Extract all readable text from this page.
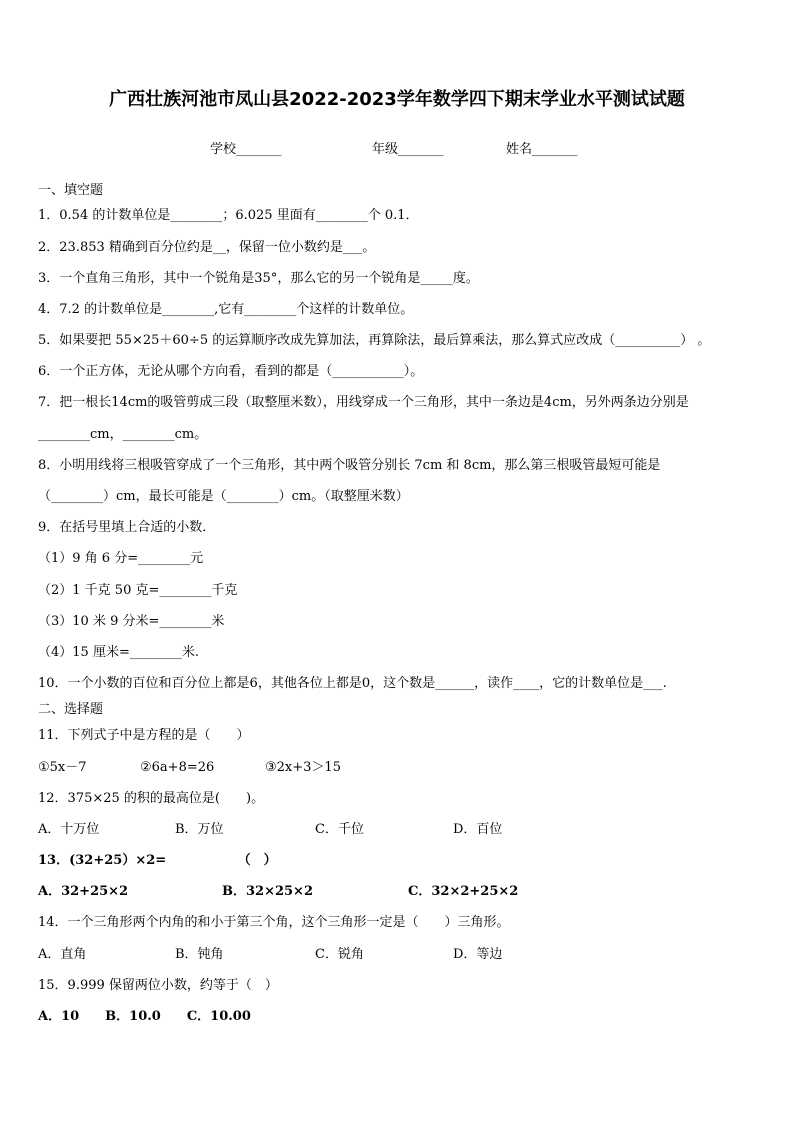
广西壮族河池市凤山县2022-2023学年数学四下期末学业水平测试试题
学校_______	年级_______	姓名_______
一、填空题
1．0.54 的计数单位是________；6.025 里面有________个 0.1．
2．23.853 精确到百分位约是__，保留一位小数约是___。
3．一个直角三角形，其中一个锐角是35°，那么它的另一个锐角是_____度。
4．7.2 的计数单位是________,它有________个这样的计数单位。
5．如果要把 55×25＋60÷5 的运算顺序改成先算加法，再算除法，最后算乘法，那么算式应改成（__________） 。
6．一个正方体，无论从哪个方向看，看到的都是（___________）。
7．把一根长14cm的吸管剪成三段（取整厘米数），用线穿成一个三角形，其中一条边是4cm，另外两条边分别是
________cm，________cm。
8．小明用线将三根吸管穿成了一个三角形，其中两个吸管分别长 7cm 和 8cm，那么第三根吸管最短可能是
（________）cm，最长可能是（________）cm。（取整厘米数）
9．在括号里填上合适的小数．
（1）9 角 6 分=________元
（2）1 千克 50 克=________千克
（3）10 米 9 分米=________米
（4）15 厘米=________米.
10．一个小数的百位和百分位上都是6，其他各位上都是0，这个数是______，读作____，它的计数单位是___.
二、选择题
11．下列式子中是方程的是（　　）
①5x－7	②6a+8=26	③2x+3＞15
12．375×25 的积的最高位是(　　)。
A．十万位	B．万位	C．千位	D．百位
13．(32+25）×2=　　　　　　（　）
A．32+25×2	B．32×25×2	C．32×2+25×2
14．一个三角形两个内角的和小于第三个角，这个三角形一定是（　　）三角形。
A．直角	B．钝角	C．锐角	D．等边
15．9.999 保留两位小数，约等于（　）
A．10　　B．10.0　　C．10.00
